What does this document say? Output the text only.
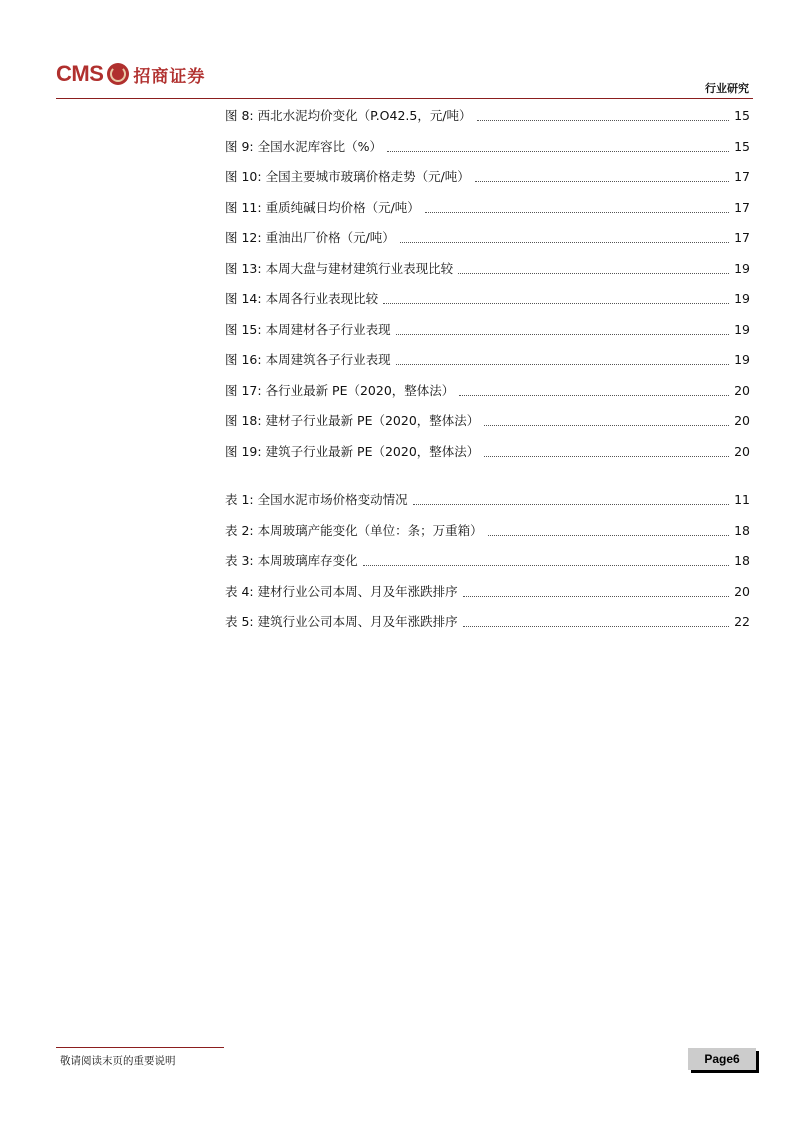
CMS 招商证券
行业研究
图 8: 西北水泥均价变化（P.O42.5，元/吨）	15
图 9: 全国水泥库容比（%）	15
图 10: 全国主要城市玻璃价格走势（元/吨）	17
图 11: 重质纯碱日均价格（元/吨）	17
图 12: 重油出厂价格（元/吨）	17
图 13: 本周大盘与建材建筑行业表现比较	19
图 14: 本周各行业表现比较	19
图 15: 本周建材各子行业表现	19
图 16: 本周建筑各子行业表现	19
图 17: 各行业最新 PE（2020，整体法）	20
图 18: 建材子行业最新 PE（2020，整体法）	20
图 19: 建筑子行业最新 PE（2020，整体法）	20
表 1: 全国水泥市场价格变动情况	11
表 2: 本周玻璃产能变化（单位：条；万重箱）	18
表 3: 本周玻璃库存变化	18
表 4: 建材行业公司本周、月及年涨跌排序	20
表 5: 建筑行业公司本周、月及年涨跌排序	22
敬请阅读末页的重要说明	Page6
